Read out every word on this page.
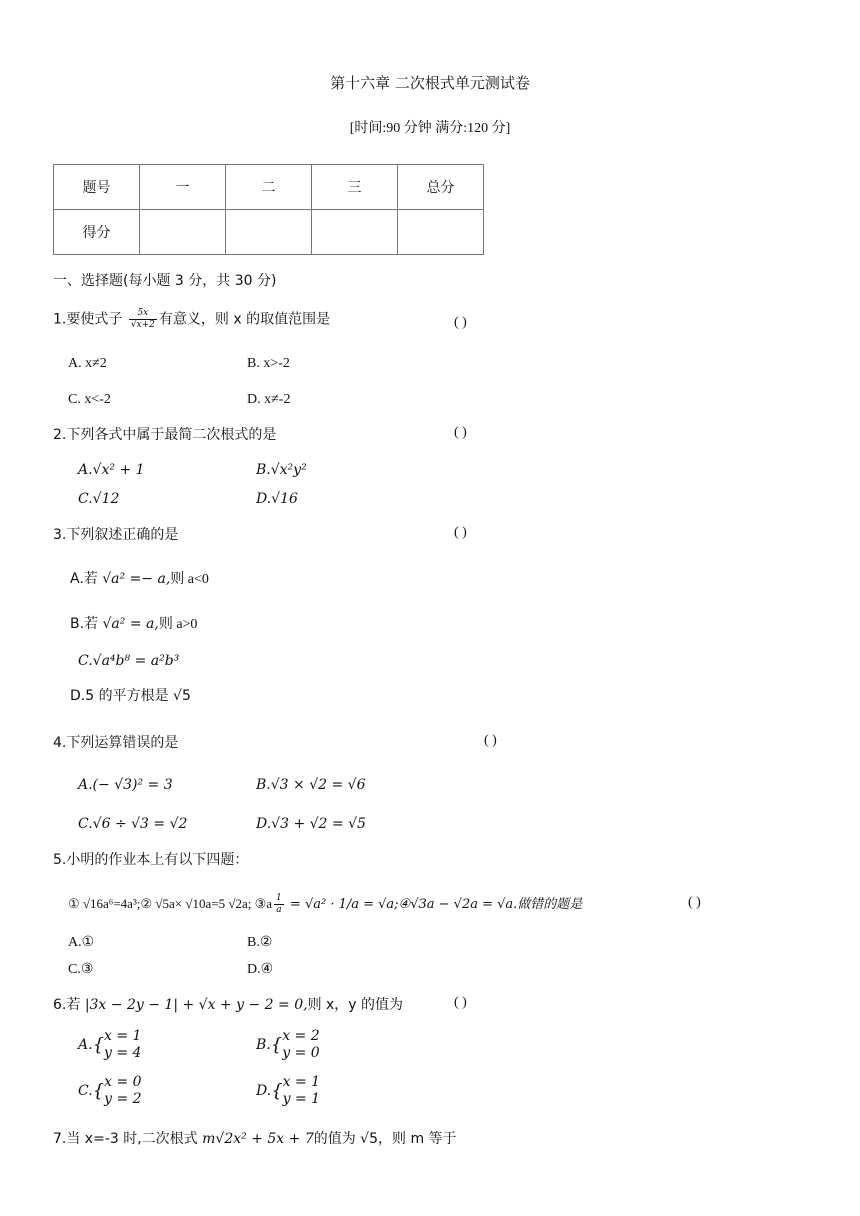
第十六章 二次根式单元测试卷
[时间:90 分钟 满分:120 分]
题号	一	二	三	总分
得分				
一、选择题(每小题 3 分，共 30 分)
1.要使式子 $\frac{5x}{√x+2}$ 有意义，则 x 的取值范围是	( )
A. x≠2	B. x>-2
C. x<-2	D. x≠-2
2.下列各式中属于最简二次根式的是	( )
A.√x² + 1	B.√x²y²
C.√12	D.√16
3.下列叙述正确的是	( )
A.若 √a² =− a,则 a<0
B.若 √a² = a,则 a>0
C.√a⁴b⁸ = a²b³
D.5 的平方根是 √5
4.下列运算错误的是	( )
A.(− √3)² = 3	B.√3 × √2 = √6
C.√6 ÷ √3 = √2	D.√3 + √2 = √5
5.小明的作业本上有以下四题：
① √16a⁶=4a³;② √5a× √10a=5 √2a; ③a $\frac{1}{a} = √a^2 \cdot 1/a$ = √a;④√3a − √2a = √a.做错的题是	( )
A.①	B.②
C.③	D.④
6.若 |3x − 2y − 1| + √x + y − 2 = 0,则 x，y 的值为	( )
A.{ x = 1
y = 4	B.{ x = 2
y = 0
C.{ x = 0
y = 2	D.{ x = 1
y = 1
7.当 x=-3 时,二次根式 m√2x² + 5x + 7的值为 √5，则 m 等于
